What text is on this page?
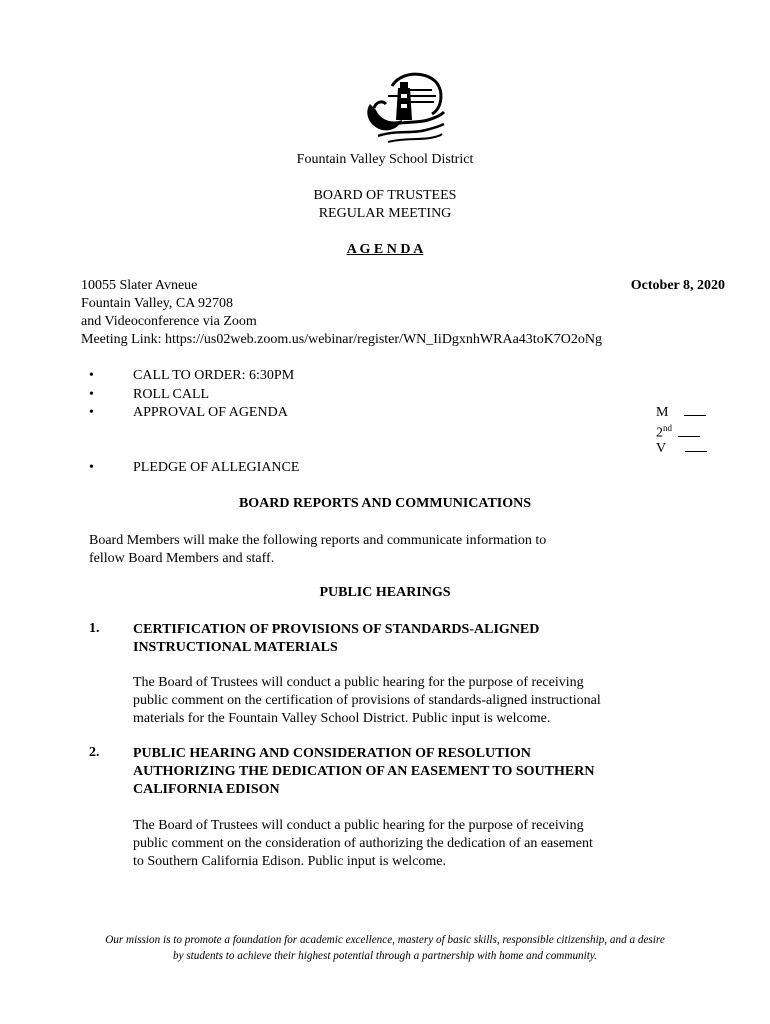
Fountain Valley School District
BOARD OF TRUSTEES
REGULAR MEETING
A G E N D A
10055 Slater Avneue	October 8, 2020
Fountain Valley, CA 92708
and Videoconference via Zoom
Meeting Link: https://us02web.zoom.us/webinar/register/WN_IiDgxnhWRAa43toK7O2oNg
•	CALL TO ORDER: 6:30PM
•	ROLL CALL
•	APPROVAL OF AGENDA
•	PLEDGE OF ALLEGIANCE
M
2nd
V
BOARD REPORTS AND COMMUNICATIONS
Board Members will make the following reports and communicate information to
fellow Board Members and staff.
PUBLIC HEARINGS
1. CERTIFICATION OF PROVISIONS OF STANDARDS-ALIGNED
INSTRUCTIONAL MATERIALS
The Board of Trustees will conduct a public hearing for the purpose of receiving
public comment on the certification of provisions of standards-aligned instructional
materials for the Fountain Valley School District. Public input is welcome.
2. PUBLIC HEARING AND CONSIDERATION OF RESOLUTION
AUTHORIZING THE DEDICATION OF AN EASEMENT TO SOUTHERN
CALIFORNIA EDISON
The Board of Trustees will conduct a public hearing for the purpose of receiving
public comment on the consideration of authorizing the dedication of an easement
to Southern California Edison. Public input is welcome.
Our mission is to promote a foundation for academic excellence, mastery of basic skills, responsible citizenship, and a desire
by students to achieve their highest potential through a partnership with home and community.
